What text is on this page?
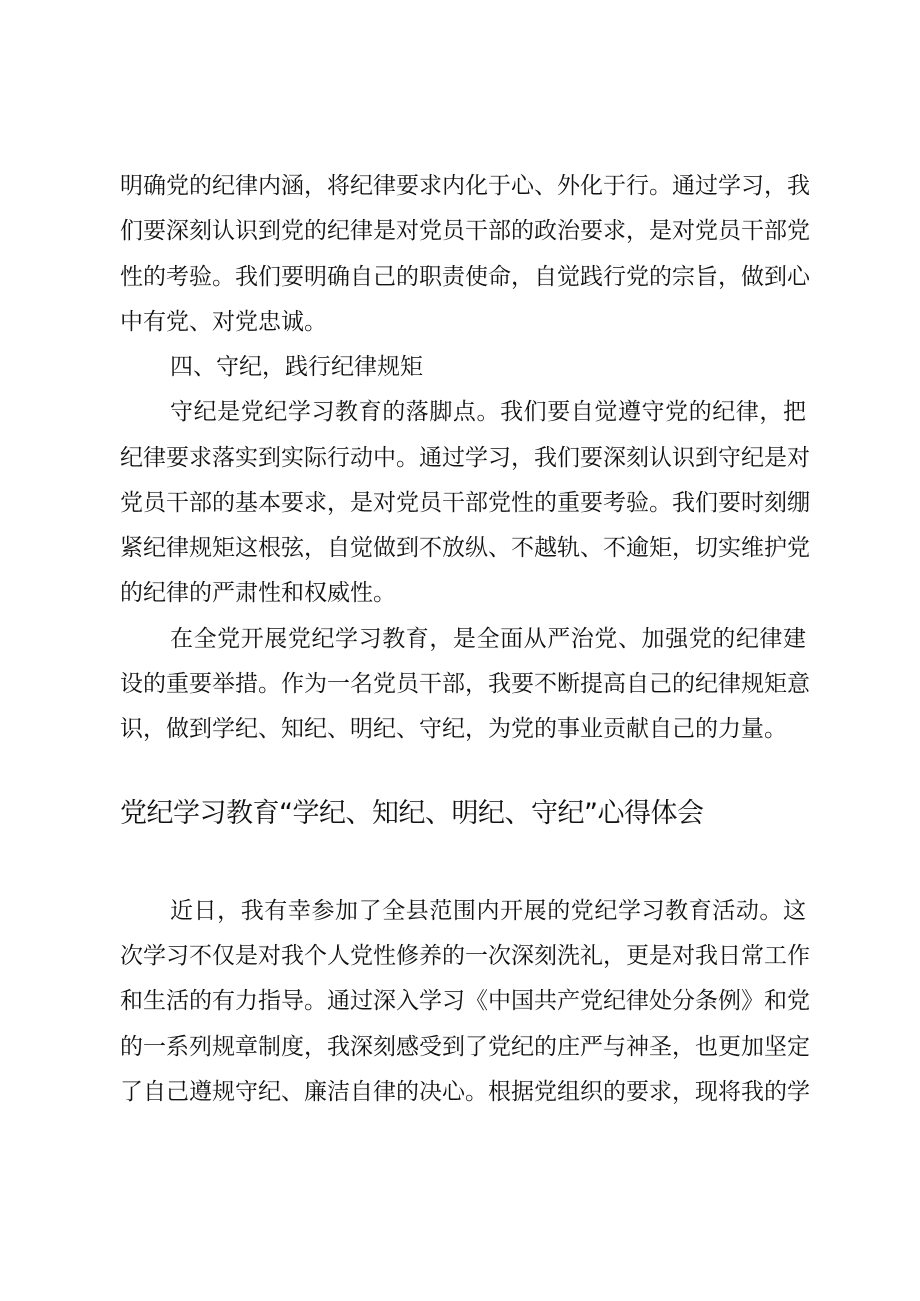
明确党的纪律内涵，将纪律要求内化于心、外化于行。通过学习，我
们要深刻认识到党的纪律是对党员干部的政治要求，是对党员干部党
性的考验。我们要明确自己的职责使命，自觉践行党的宗旨，做到心
中有党、对党忠诚。
四、守纪，践行纪律规矩
守纪是党纪学习教育的落脚点。我们要自觉遵守党的纪律，把
纪律要求落实到实际行动中。通过学习，我们要深刻认识到守纪是对
党员干部的基本要求，是对党员干部党性的重要考验。我们要时刻绷
紧纪律规矩这根弦，自觉做到不放纵、不越轨、不逾矩，切实维护党
的纪律的严肃性和权威性。
在全党开展党纪学习教育，是全面从严治党、加强党的纪律建
设的重要举措。作为一名党员干部，我要不断提高自己的纪律规矩意
识，做到学纪、知纪、明纪、守纪，为党的事业贡献自己的力量。
党纪学习教育“学纪、知纪、明纪、守纪”心得体会
近日，我有幸参加了全县范围内开展的党纪学习教育活动。这
次学习不仅是对我个人党性修养的一次深刻洗礼，更是对我日常工作
和生活的有力指导。通过深入学习《中国共产党纪律处分条例》和党
的一系列规章制度，我深刻感受到了党纪的庄严与神圣，也更加坚定
了自己遵规守纪、廉洁自律的决心。根据党组织的要求，现将我的学
